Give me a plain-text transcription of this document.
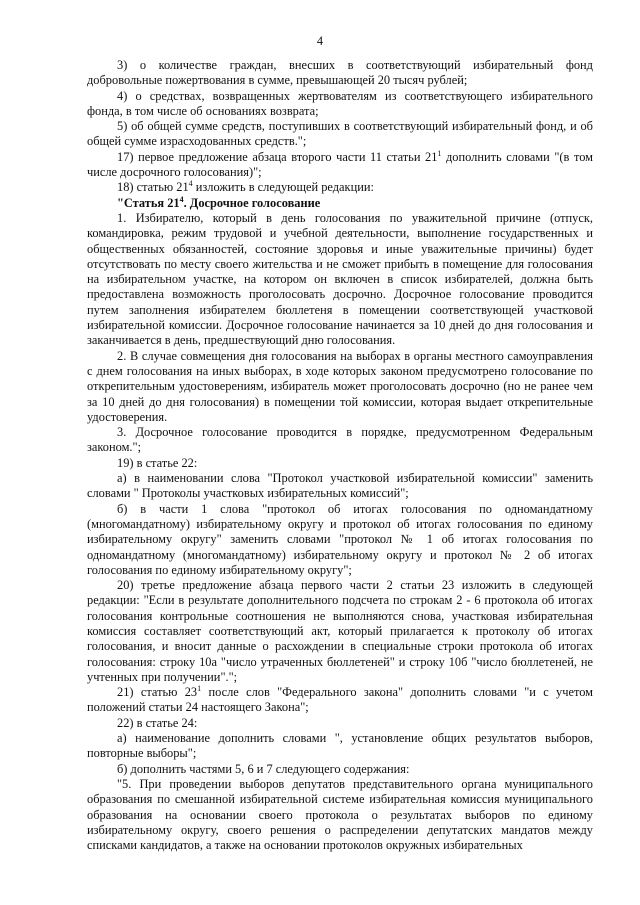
4

3) о количестве граждан, внесших в соответствующий избирательный фонд добровольные пожертвования в сумме, превышающей 20 тысяч рублей;

4) о средствах, возвращенных жертвователям из соответствующего избирательного фонда, в том числе об основаниях возврата;

5) об общей сумме средств, поступивших в соответствующий избирательный фонд, и об общей сумме израсходованных средств.";

17) первое предложение абзаца второго части 11 статьи $21^1$ дополнить словами "(в том числе досрочного голосования)";

18) статью $21^4$ изложить в следующей редакции:

"Статья $21^4$. Досрочное голосование

1. Избирателю, который в день голосования по уважительной причине (отпуск, командировка, режим трудовой и учебной деятельности, выполнение государственных и общественных обязанностей, состояние здоровья и иные уважительные причины) будет отсутствовать по месту своего жительства и не сможет прибыть в помещение для голосования на избирательном участке, на котором он включен в список избирателей, должна быть предоставлена возможность проголосовать досрочно. Досрочное голосование проводится путем заполнения избирателем бюллетеня в помещении соответствующей участковой избирательной комиссии. Досрочное голосование начинается за 10 дней до дня голосования и заканчивается в день, предшествующий дню голосования.

2. В случае совмещения дня голосования на выборах в органы местного самоуправления с днем голосования на иных выборах, в ходе которых законом предусмотрено голосование по открепительным удостоверениям, избиратель может проголосовать досрочно (но не ранее чем за 10 дней до дня голосования) в помещении той комиссии, которая выдает открепительные удостоверения.

3. Досрочное голосование проводится в порядке, предусмотренном Федеральным законом.";

19) в статье 22:

а) в наименовании слова "Протокол участковой избирательной комиссии" заменить словами " Протоколы участковых избирательных комиссий";

б) в части 1 слова "протокол об итогах голосования по одномандатному (многомандатному) избирательному округу и протокол об итогах голосования по единому избирательному округу" заменить словами "протокол № 1 об итогах голосования по одномандатному (многомандатному) избирательному округу и протокол № 2 об итогах голосования по единому избирательному округу";

20) третье предложение абзаца первого части 2 статьи 23 изложить в следующей редакции: "Если в результате дополнительного подсчета по строкам 2 - 6 протокола об итогах голосования контрольные соотношения не выполняются снова, участковая избирательная комиссия составляет соответствующий акт, который прилагается к протоколу об итогах голосования, и вносит данные о расхождении в специальные строки протокола об итогах голосования: строку 10а "число утраченных бюллетеней" и строку 10б "число бюллетеней, не учтенных при получении".";

21) статью $23^1$ после слов "Федерального закона" дополнить словами "и с учетом положений статьи 24 настоящего Закона";

22) в статье 24:

а) наименование дополнить словами ", установление общих результатов выборов, повторные выборы";

б) дополнить частями 5, 6 и 7 следующего содержания:

"5. При проведении выборов депутатов представительного органа муниципального образования по смешанной избирательной системе избирательная комиссия муниципального образования на основании своего протокола о результатах выборов по единому избирательному округу, своего решения о распределении депутатских мандатов между списками кандидатов, а также на основании протоколов окружных избирательных
